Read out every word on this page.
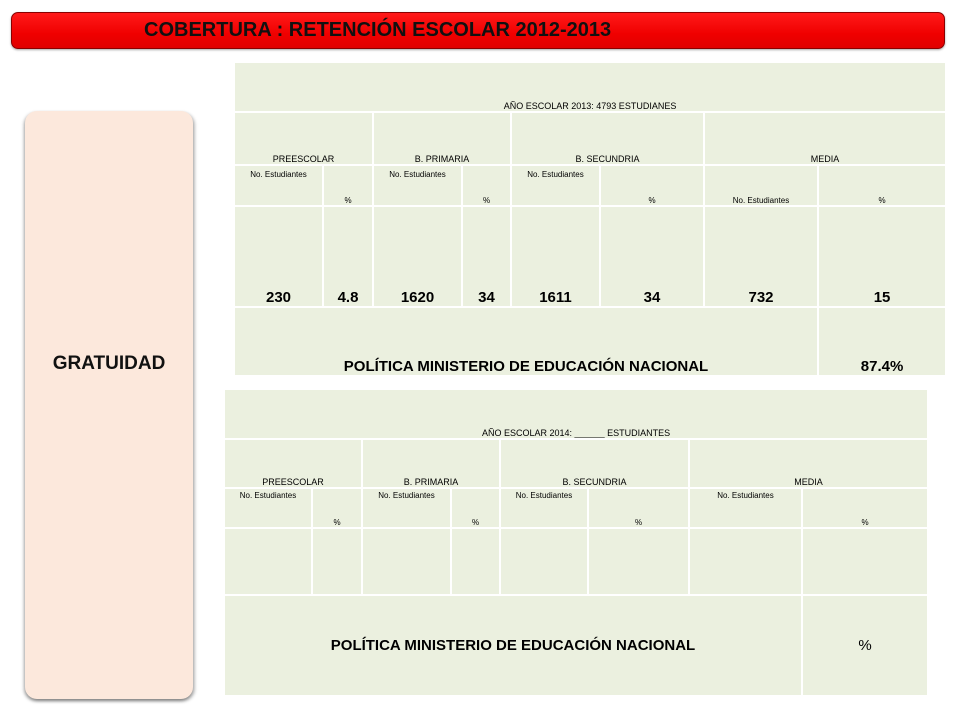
COBERTURA : RETENCIÓN ESCOLAR 2012-2013
GRATUIDAD
AÑO ESCOLAR 2013: 4793 ESTUDIANES							
PREESCOLAR		B. PRIMARIA		B. SECUNDRIA		MEDIA	
No. Estudiantes	%	No. Estudiantes	%	No. Estudiantes	%	No. Estudiantes	%
230	4.8	1620	34	1611	34	732	15
POLÍTICA MINISTERIO DE EDUCACIÓN NACIONAL							87.4%
AÑO ESCOLAR 2014: ______ ESTUDIANTES							
PREESCOLAR		B. PRIMARIA		B. SECUNDRIA		MEDIA	
No. Estudiantes	%	No. Estudiantes	%	No. Estudiantes	%	No. Estudiantes	%

POLÍTICA MINISTERIO DE EDUCACIÓN NACIONAL							%
